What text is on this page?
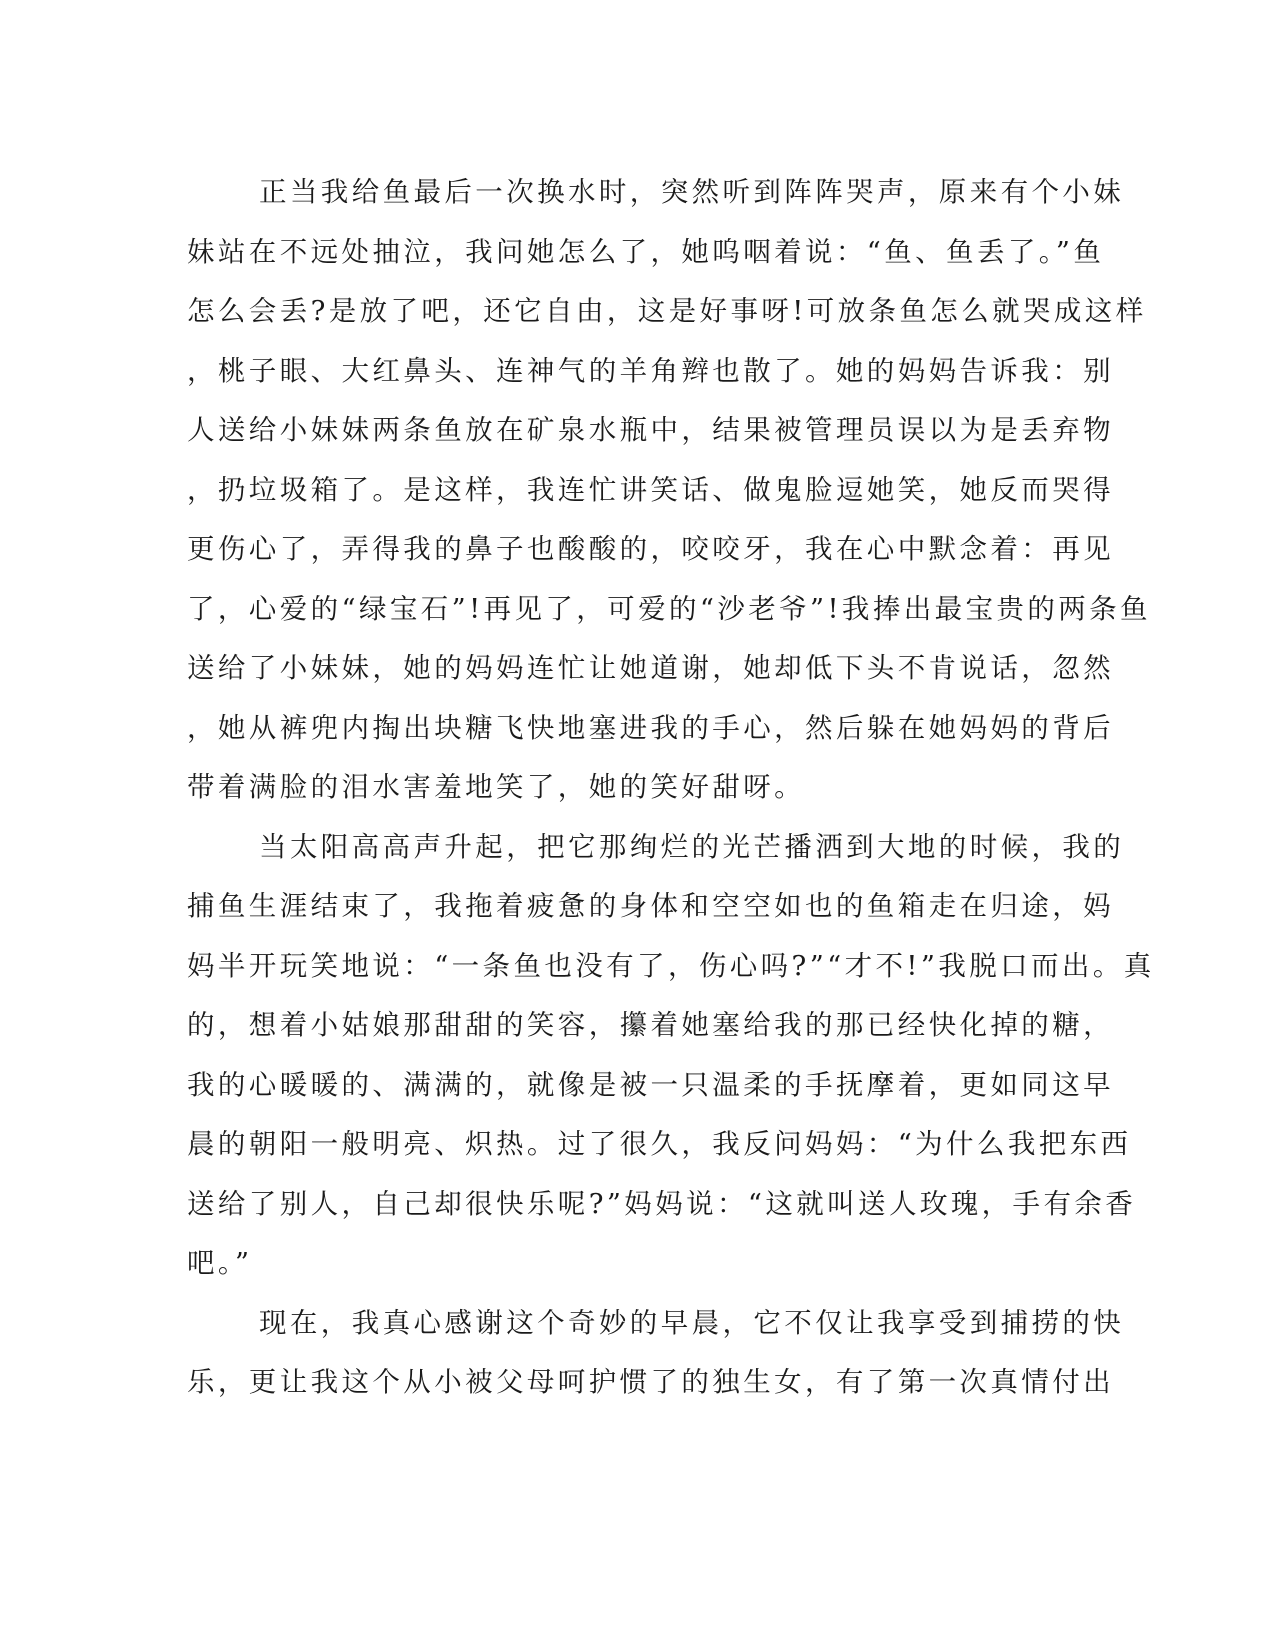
正当我给鱼最后一次换水时，突然听到阵阵哭声，原来有个小妹
妹站在不远处抽泣，我问她怎么了，她呜咽着说：“鱼、鱼丢了。”鱼
怎么会丢?是放了吧，还它自由，这是好事呀!可放条鱼怎么就哭成这样
，桃子眼、大红鼻头、连神气的羊角辫也散了。她的妈妈告诉我：别
人送给小妹妹两条鱼放在矿泉水瓶中，结果被管理员误以为是丢弃物
，扔垃圾箱了。是这样，我连忙讲笑话、做鬼脸逗她笑，她反而哭得
更伤心了，弄得我的鼻子也酸酸的，咬咬牙，我在心中默念着：再见
了，心爱的“绿宝石”!再见了，可爱的“沙老爷”!我捧出最宝贵的两条鱼
送给了小妹妹，她的妈妈连忙让她道谢，她却低下头不肯说话，忽然
，她从裤兜内掏出块糖飞快地塞进我的手心，然后躲在她妈妈的背后
带着满脸的泪水害羞地笑了，她的笑好甜呀。
当太阳高高声升起，把它那绚烂的光芒播洒到大地的时候，我的
捕鱼生涯结束了，我拖着疲惫的身体和空空如也的鱼箱走在归途，妈
妈半开玩笑地说：“一条鱼也没有了，伤心吗?”“才不!”我脱口而出。真
的，想着小姑娘那甜甜的笑容，攥着她塞给我的那已经快化掉的糖，
我的心暖暖的、满满的，就像是被一只温柔的手抚摩着，更如同这早
晨的朝阳一般明亮、炽热。过了很久，我反问妈妈：“为什么我把东西
送给了别人，自己却很快乐呢?”妈妈说：“这就叫送人玫瑰，手有余香
吧。”
现在，我真心感谢这个奇妙的早晨，它不仅让我享受到捕捞的快
乐，更让我这个从小被父母呵护惯了的独生女，有了第一次真情付出
